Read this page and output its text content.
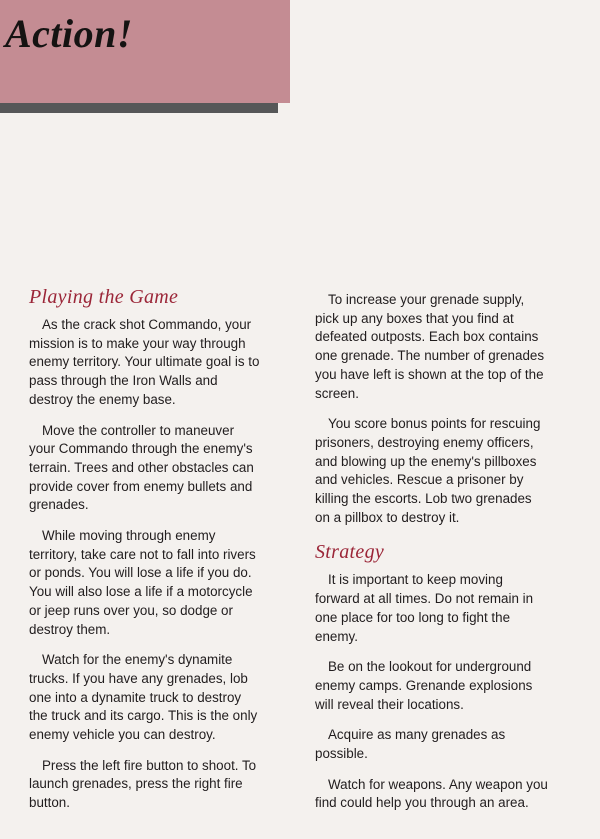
Action!
Playing the Game

As the crack shot Commando, your mission is to make your way through enemy territory. Your ultimate goal is to pass through the Iron Walls and destroy the enemy base.

Move the controller to maneuver your Commando through the enemy's terrain. Trees and other obstacles can provide cover from enemy bullets and grenades.

While moving through enemy territory, take care not to fall into rivers or ponds. You will lose a life if you do. You will also lose a life if a motorcycle or jeep runs over you, so dodge or destroy them.

Watch for the enemy's dynamite trucks. If you have any grenades, lob one into a dynamite truck to destroy the truck and its cargo. This is the only enemy vehicle you can destroy.

Press the left fire button to shoot. To launch grenades, press the right fire button.

To increase your grenade supply, pick up any boxes that you find at defeated outposts. Each box contains one grenade. The number of grenades you have left is shown at the top of the screen.

You score bonus points for rescuing prisoners, destroying enemy officers, and blowing up the enemy's pillboxes and vehicles. Rescue a prisoner by killing the escorts. Lob two grenades on a pillbox to destroy it.

Strategy

It is important to keep moving forward at all times. Do not remain in one place for too long to fight the enemy.

Be on the lookout for underground enemy camps. Grenande explosions will reveal their locations.

Acquire as many grenades as possible.

Watch for weapons. Any weapon you find could help you through an area.
